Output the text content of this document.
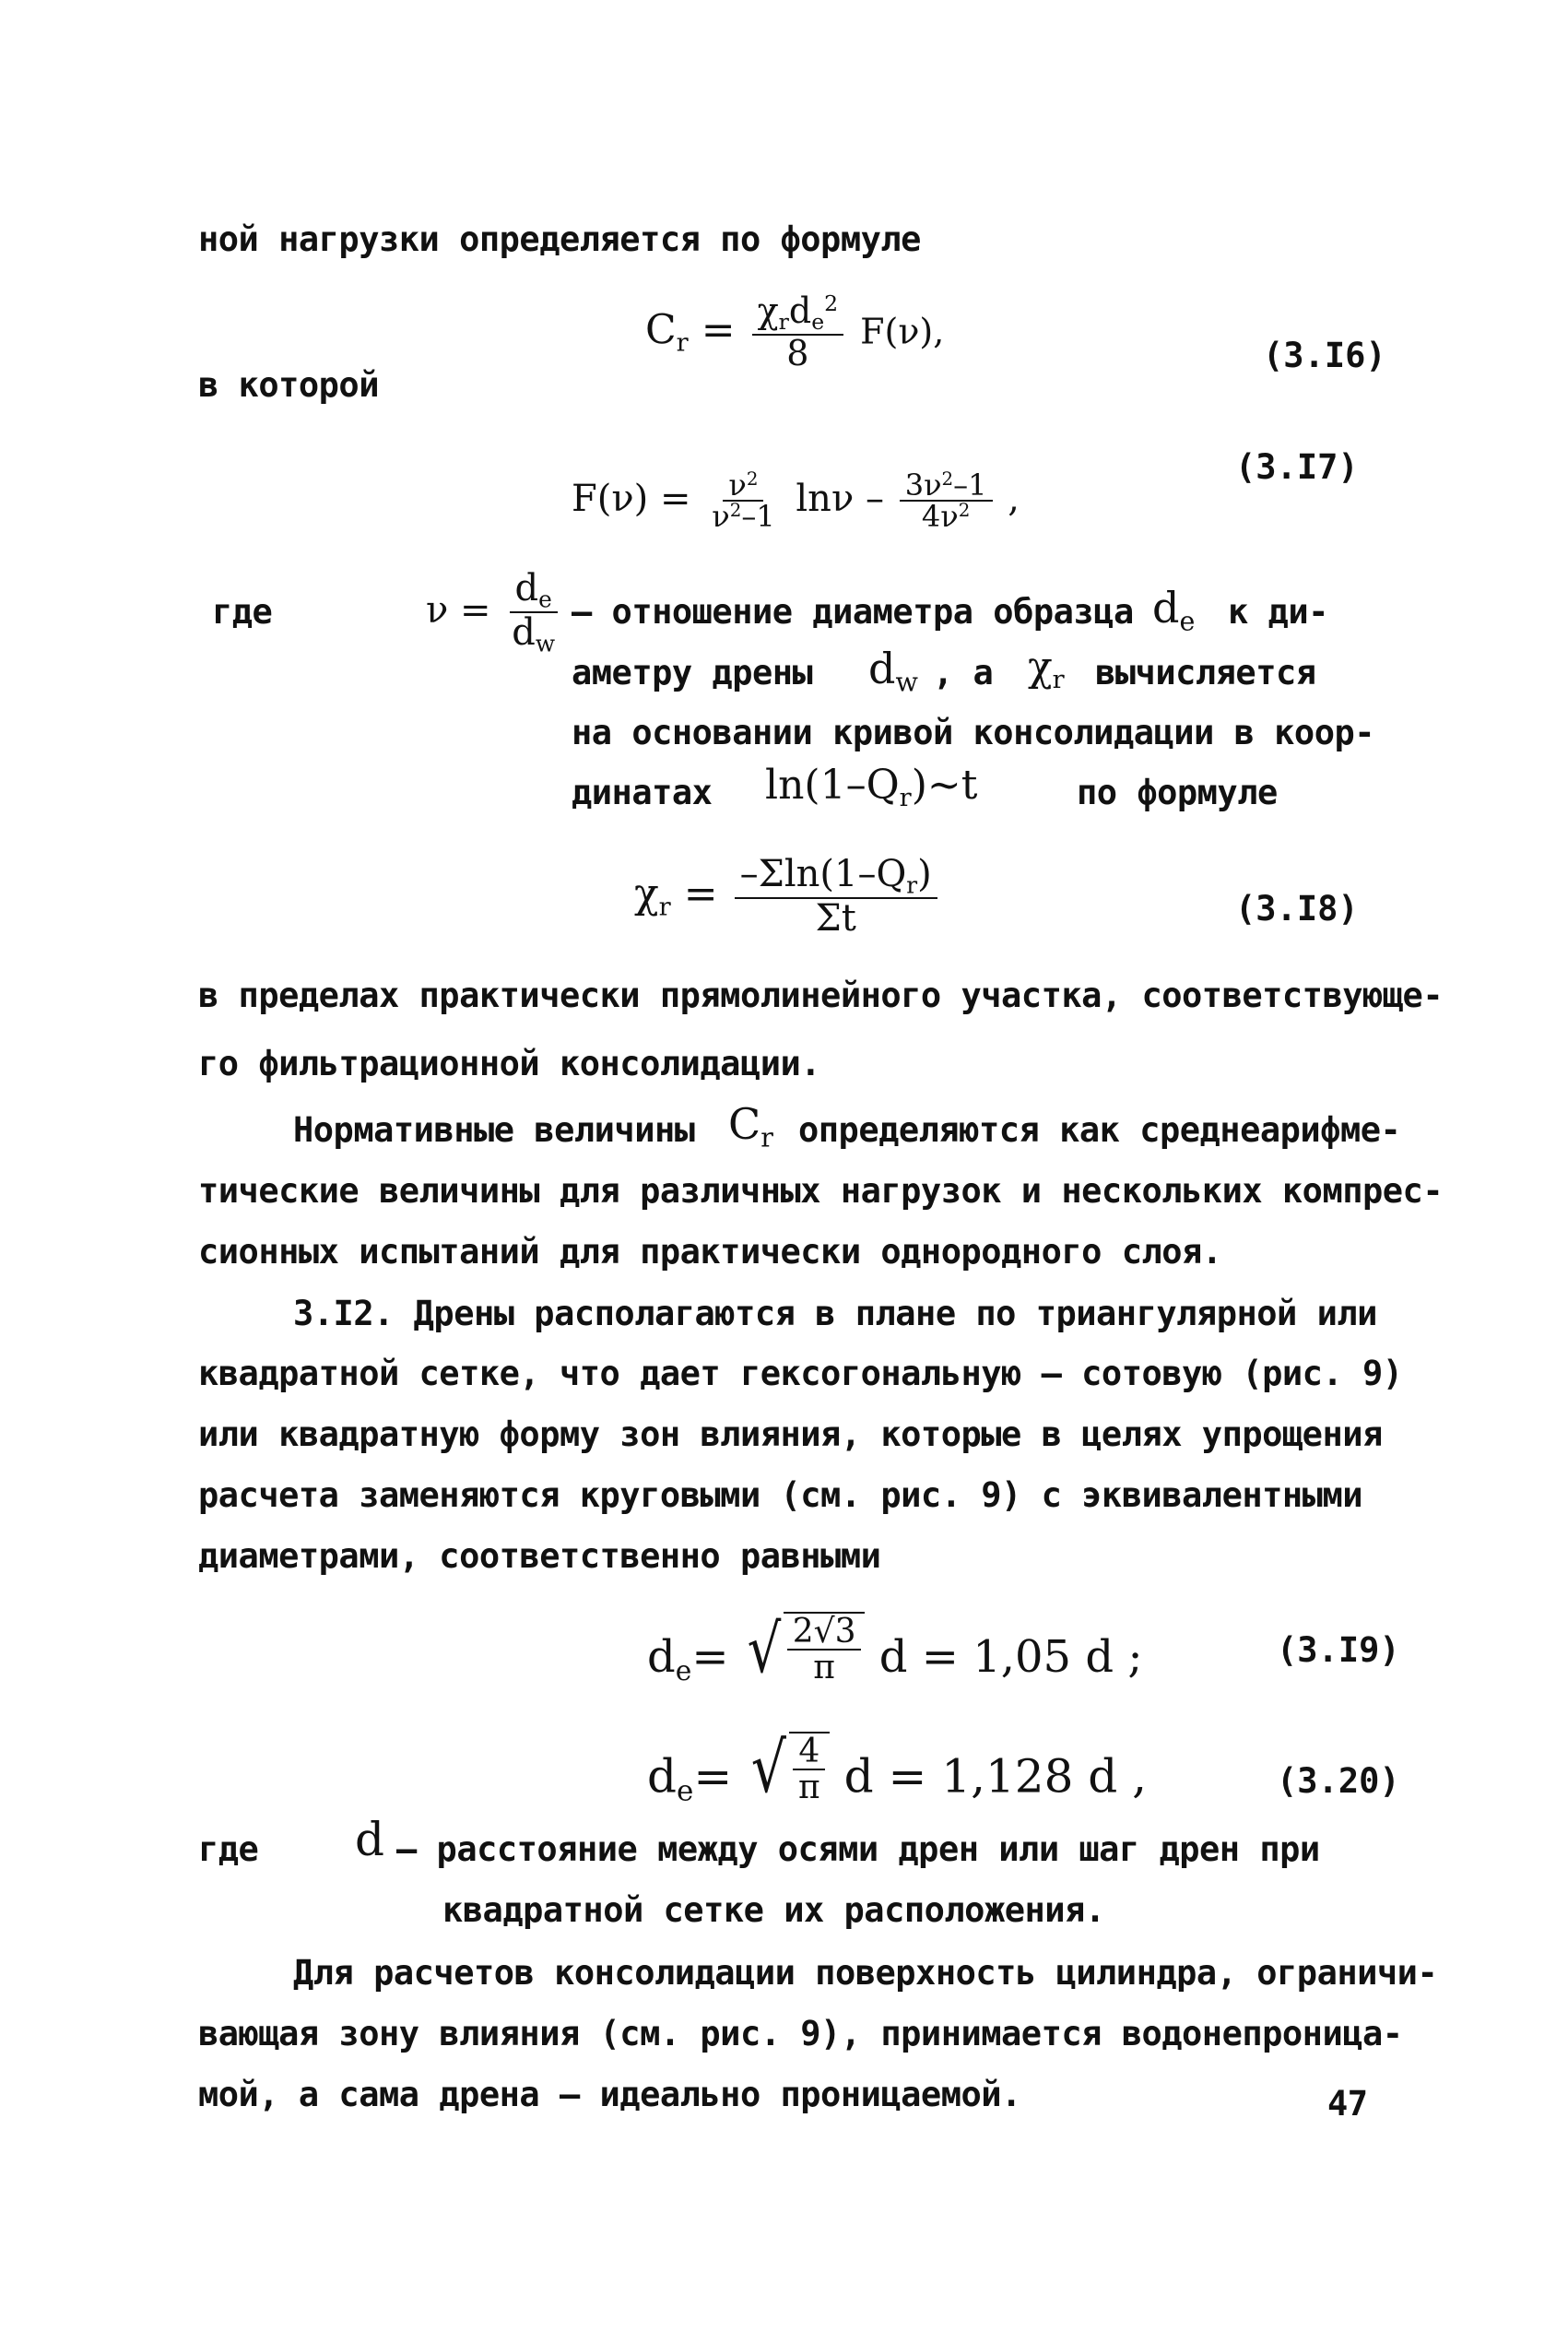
ной нагрузки определяется по формуле
$C_r = \frac{\chi_rd_e^2}{8} F(\nu)$,
(3.I6)
в которой
(3.I7)
$F(\nu) = \frac{\nu^2}{\nu^2-1}$ lnν – $\frac{3\nu^2-1}{4\nu^2}$ ,
где	$\nu = \frac{d_e}{d_w}$ – отношение диаметра образца $d_e$ к ди-
аметру дрены $d_w$ , а $\chi_r$ вычисляется
на основании кривой консолидации в коор-
динатах $\ln(1-Q_r)\sim t$	по формуле
$\chi_r = \frac{-\Sigma\ln(1-Q_r)}{\Sigma t}$	(3.I8)
в пределах практически прямолинейного участка, соответствующе-
го фильтрационной консолидации.
Нормативные величины $C_r$ определяются как среднеарифме-
тические величины для различных нагрузок и нескольких компрес-
сионных испытаний для практически однородного слоя.
3.I2. Дрены располагаются в плане по триангулярной или
квадратной сетке, что дает гексогональную – сотовую (рис. 9)
или квадратную форму зон влияния, которые в целях упрощения
расчета заменяются круговыми (см. рис. 9) с эквивалентными
диаметрами, соответственно равными
$d_e=$ √ $\frac{2√3}{\pi}$ d = 1,05 d ;	(3.I9)
$d_e=$ √ $\frac{4}{\pi}$ d = 1,128 d ,	(3.20)
где d – расстояние между осями дрен или шаг дрен при
квадратной сетке их расположения.
Для расчетов консолидации поверхность цилиндра, ограничи-
вающая зону влияния (см. рис. 9), принимается водонепроница-
мой, а сама дрена – идеально проницаемой.	47
